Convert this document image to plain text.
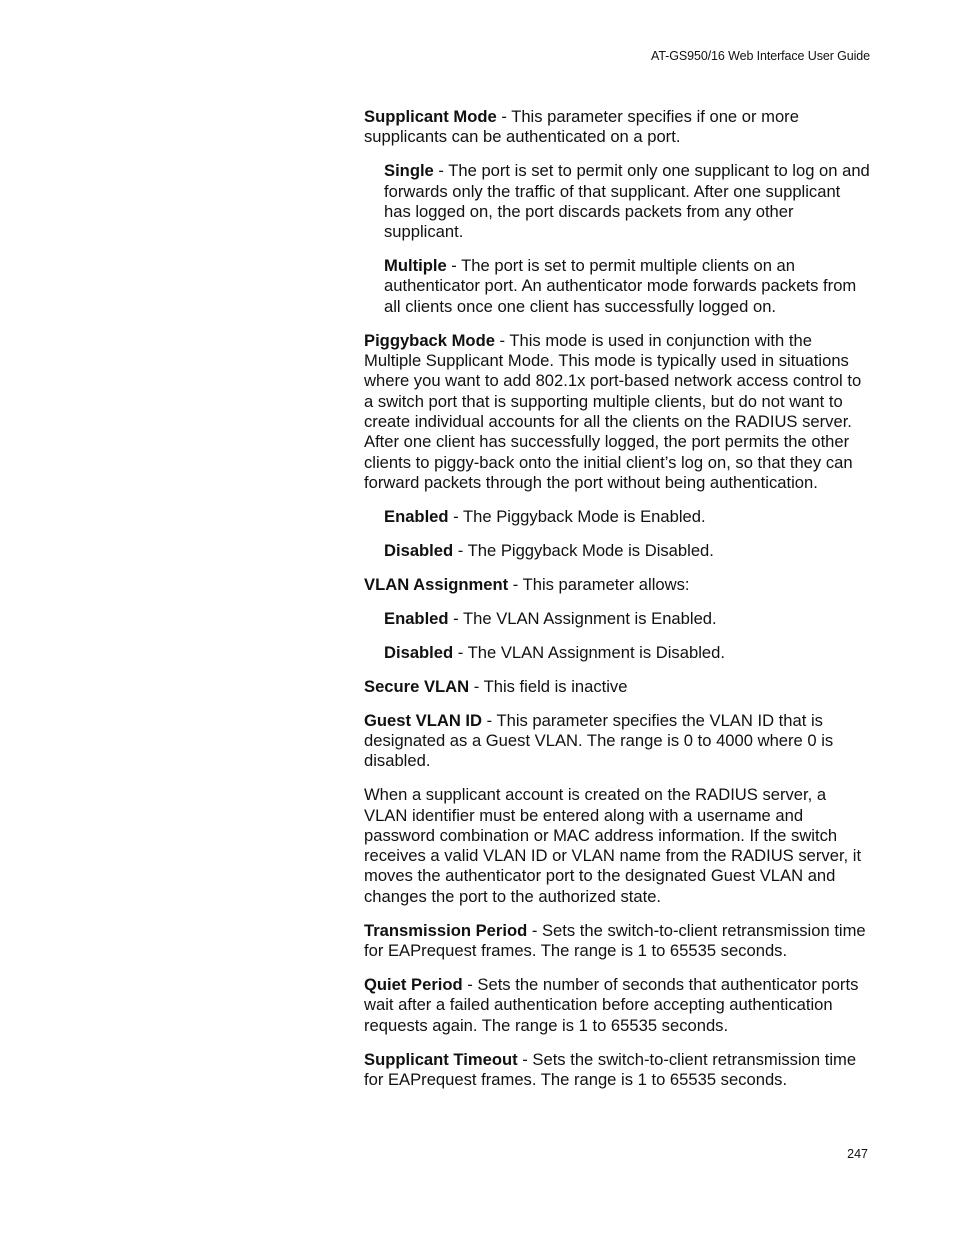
AT-GS950/16 Web Interface User Guide

Supplicant Mode - This parameter specifies if one or more supplicants can be authenticated on a port.

Single - The port is set to permit only one supplicant to log on and forwards only the traffic of that supplicant. After one supplicant has logged on, the port discards packets from any other supplicant.

Multiple - The port is set to permit multiple clients on an authenticator port. An authenticator mode forwards packets from all clients once one client has successfully logged on.

Piggyback Mode - This mode is used in conjunction with the Multiple Supplicant Mode. This mode is typically used in situations where you want to add 802.1x port-based network access control to a switch port that is supporting multiple clients, but do not want to create individual accounts for all the clients on the RADIUS server. After one client has successfully logged, the port permits the other clients to piggy-back onto the initial client’s log on, so that they can forward packets through the port without being authentication.

Enabled - The Piggyback Mode is Enabled.

Disabled - The Piggyback Mode is Disabled.

VLAN Assignment - This parameter allows:

Enabled - The VLAN Assignment is Enabled.

Disabled - The VLAN Assignment is Disabled.

Secure VLAN - This field is inactive

Guest VLAN ID - This parameter specifies the VLAN ID that is designated as a Guest VLAN. The range is 0 to 4000 where 0 is disabled.

When a supplicant account is created on the RADIUS server, a VLAN identifier must be entered along with a username and password combination or MAC address information. If the switch receives a valid VLAN ID or VLAN name from the RADIUS server, it moves the authenticator port to the designated Guest VLAN and changes the port to the authorized state.

Transmission Period - Sets the switch-to-client retransmission time for EAPrequest frames. The range is 1 to 65535 seconds.

Quiet Period - Sets the number of seconds that authenticator ports wait after a failed authentication before accepting authentication requests again. The range is 1 to 65535 seconds.

Supplicant Timeout - Sets the switch-to-client retransmission time for EAPrequest frames. The range is 1 to 65535 seconds.

247
